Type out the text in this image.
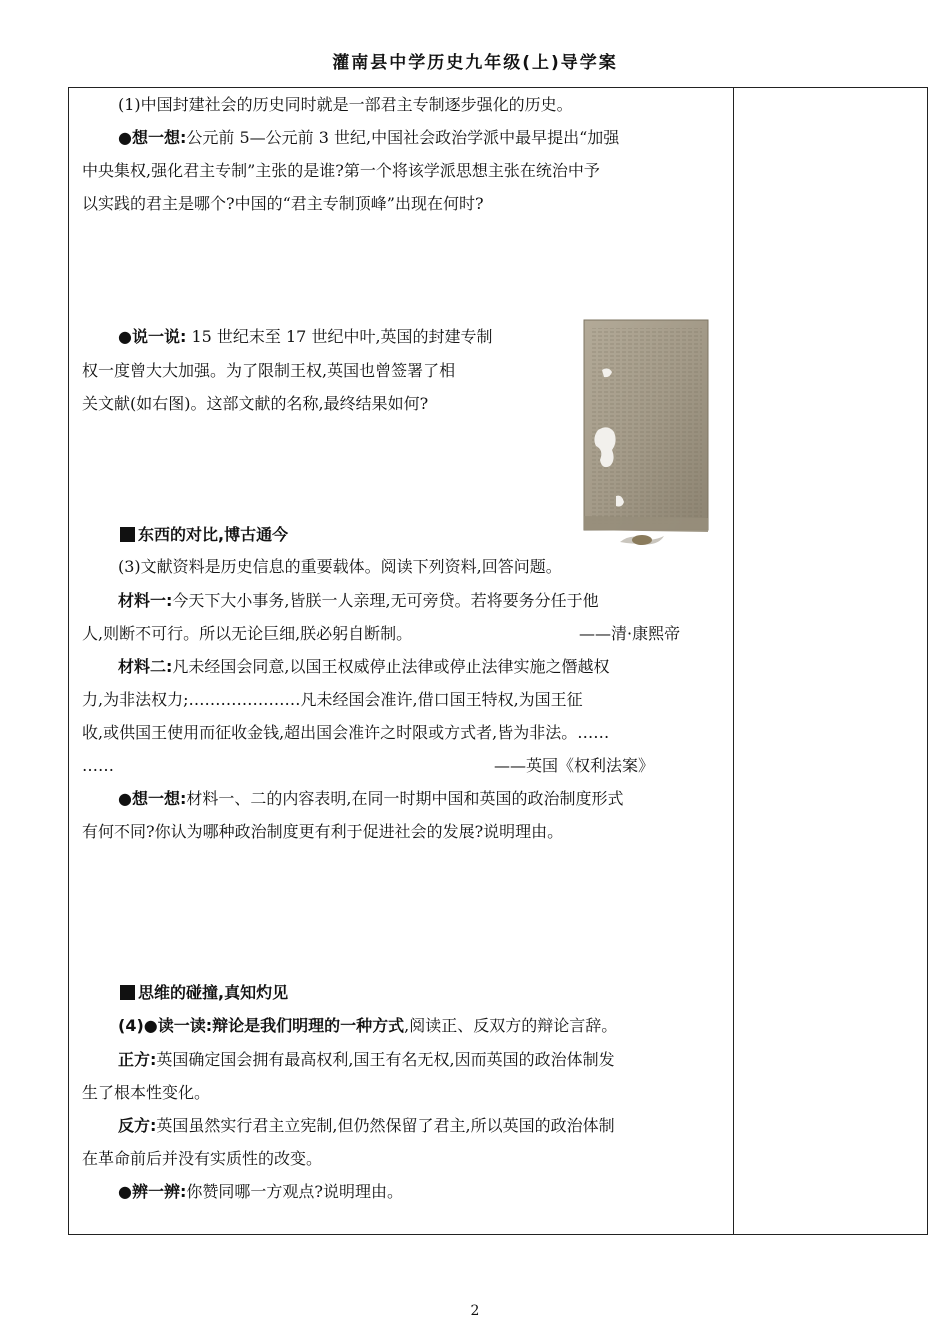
灌南县中学历史九年级(上)导学案
(1)中国封建社会的历史同时就是一部君主专制逐步强化的历史。
●想一想:公元前 5—公元前 3 世纪,中国社会政治学派中最早提出“加强
中央集权,强化君主专制”主张的是谁?第一个将该学派思想主张在统治中予
以实践的君主是哪个?中国的“君主专制顶峰”出现在何时?
●说一说: 15 世纪末至 17 世纪中叶,英国的封建专制
权一度曾大大加强。为了限制王权,英国也曾签署了相
关文献(如右图)。这部文献的名称,最终结果如何?
东西的对比,博古通今
(3)文献资料是历史信息的重要载体。阅读下列资料,回答问题。
材料一:今天下大小事务,皆朕一人亲理,无可旁贷。若将要务分任于他
人,则断不可行。所以无论巨细,朕必躬自断制。	——清·康熙帝
材料二:凡未经国会同意,以国王权威停止法律或停止法律实施之僭越权
力,为非法权力;…………………凡未经国会准许,借口国王特权,为国王征
收,或供国王使用而征收金钱,超出国会准许之时限或方式者,皆为非法。……
……	——英国《权利法案》
●想一想:材料一、二的内容表明,在同一时期中国和英国的政治制度形式
有何不同?你认为哪种政治制度更有利于促进社会的发展?说明理由。
思维的碰撞,真知灼见
(4)●读一读:辩论是我们明理的一种方式,阅读正、反双方的辩论言辞。
正方:英国确定国会拥有最高权利,国王有名无权,因而英国的政治体制发
生了根本性变化。
反方:英国虽然实行君主立宪制,但仍然保留了君主,所以英国的政治体制
在革命前后并没有实质性的改变。
●辨一辨:你赞同哪一方观点?说明理由。
2
